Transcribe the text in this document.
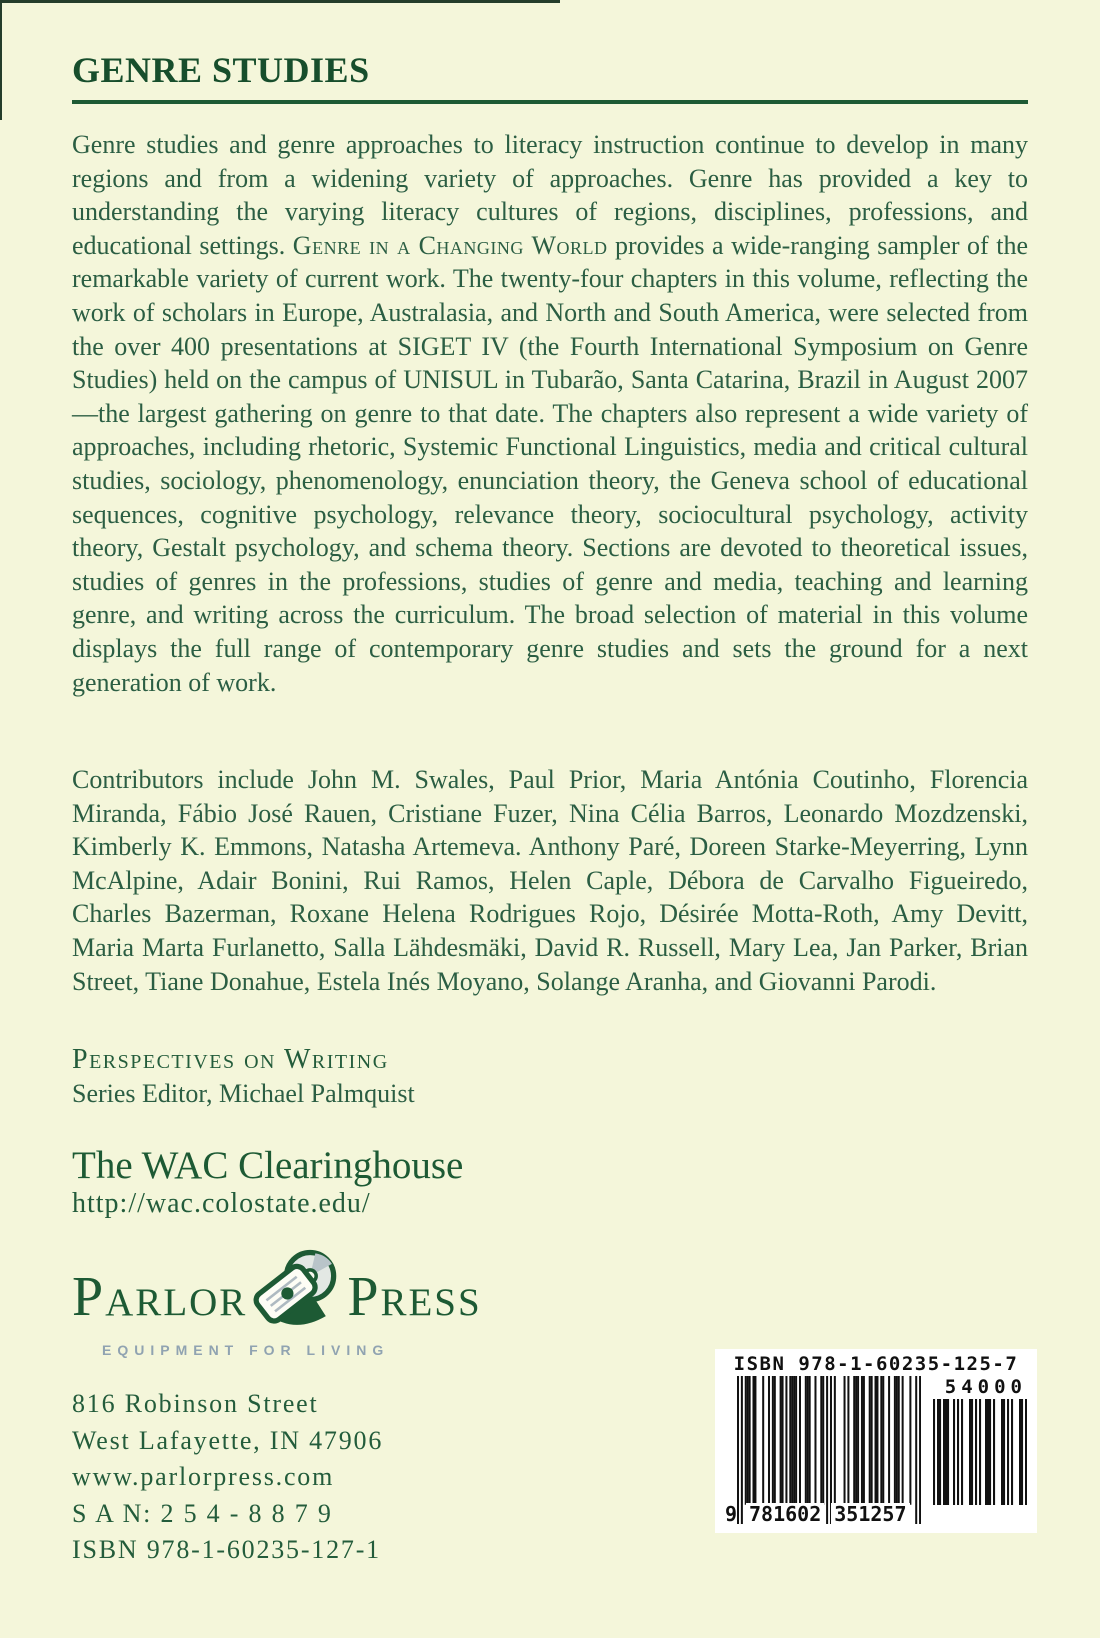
GENRE STUDIES

Genre studies and genre approaches to literacy instruction continue to develop in many regions and from a widening variety of approaches. Genre has provided a key to understanding the varying literacy cultures of regions, disciplines, professions, and educational settings. Genre in a Changing World provides a wide-ranging sampler of the remarkable variety of current work. The twenty-four chapters in this volume, reflecting the work of scholars in Europe, Australasia, and North and South America, were selected from the over 400 presentations at SIGET IV (the Fourth International Symposium on Genre Studies) held on the campus of UNISUL in Tubarão, Santa Catarina, Brazil in August 2007—the largest gathering on genre to that date. The chapters also represent a wide variety of approaches, including rhetoric, Systemic Functional Linguistics, media and critical cultural studies, sociology, phenomenology, enunciation theory, the Geneva school of educational sequences, cognitive psychology, relevance theory, sociocultural psychology, activity theory, Gestalt psychology, and schema theory. Sections are devoted to theoretical issues, studies of genres in the professions, studies of genre and media, teaching and learning genre, and writing across the curriculum. The broad selection of material in this volume displays the full range of contemporary genre studies and sets the ground for a next generation of work.

Contributors include John M. Swales, Paul Prior, Maria Antónia Coutinho, Florencia Miranda, Fábio José Rauen, Cristiane Fuzer, Nina Célia Barros, Leonardo Mozdzenski, Kimberly K. Emmons, Natasha Artemeva. Anthony Paré, Doreen Starke-Meyerring, Lynn McAlpine, Adair Bonini, Rui Ramos, Helen Caple, Débora de Carvalho Figueiredo, Charles Bazerman, Roxane Helena Rodrigues Rojo, Désirée Motta-Roth, Amy Devitt, Maria Marta Furlanetto, Salla Lähdesmäki, David R. Russell, Mary Lea, Jan Parker, Brian Street, Tiane Donahue, Estela Inés Moyano, Solange Aranha, and Giovanni Parodi.

Perspectives on Writing
Series Editor, Michael Palmquist
The WAC Clearinghouse
http://wac.colostate.edu/
Parlor Press
EQUIPMENT FOR LIVING
816 Robinson Street
West Lafayette, IN 47906
www.parlorpress.com
S A N: 2 5 4 - 8 8 7 9
ISBN 978-1-60235-127-1
ISBN 978-1-60235-125-7
9 781602 351257
54000
